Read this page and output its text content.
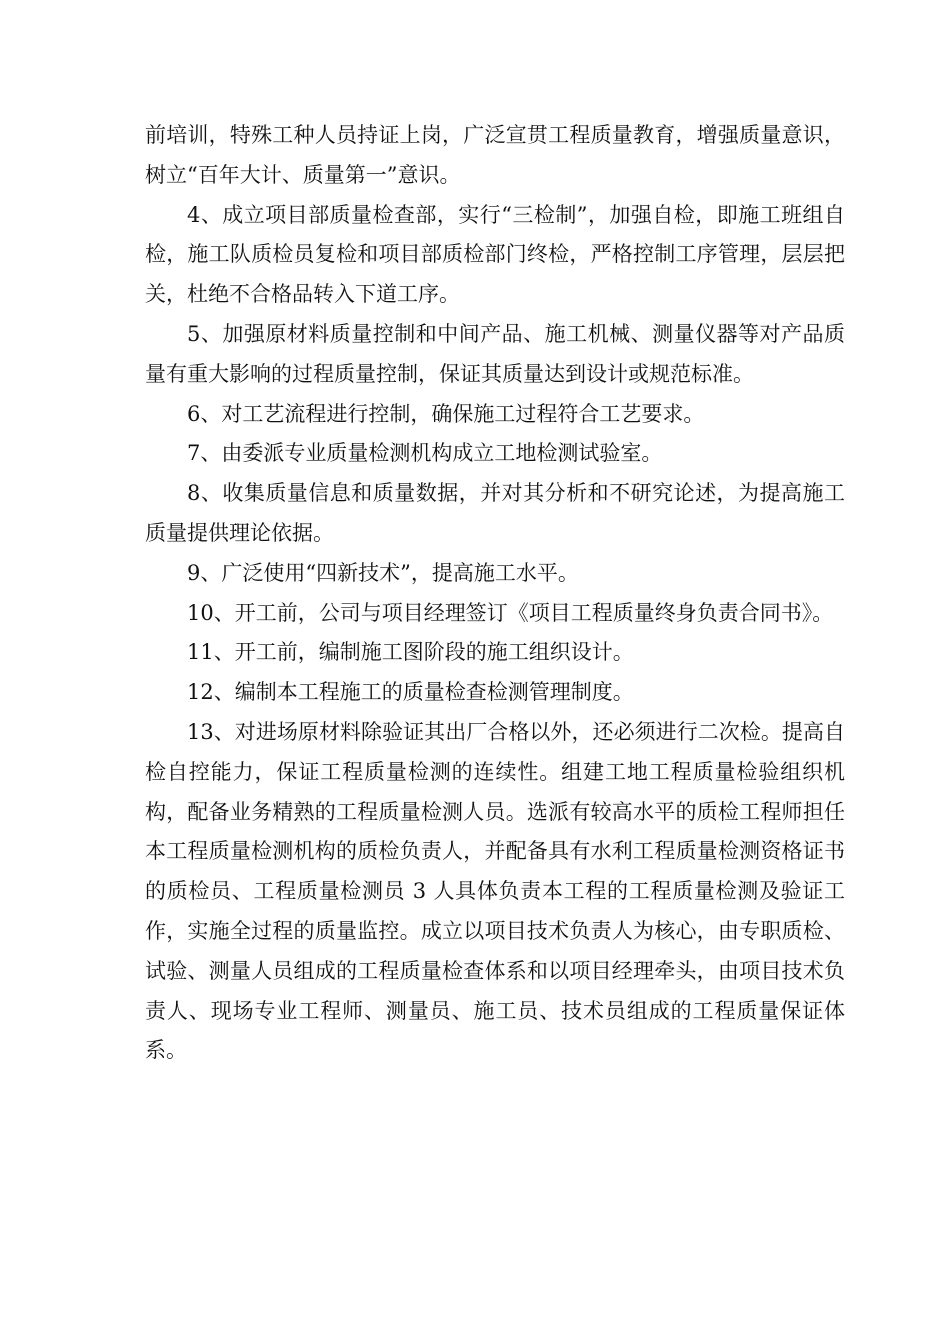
前培训，特殊工种人员持证上岗，广泛宣贯工程质量教育，增强质量意识，树立“百年大计、质量第一”意识。

4、成立项目部质量检查部，实行“三检制”，加强自检，即施工班组自检，施工队质检员复检和项目部质检部门终检，严格控制工序管理，层层把关，杜绝不合格品转入下道工序。

5、加强原材料质量控制和中间产品、施工机械、测量仪器等对产品质量有重大影响的过程质量控制，保证其质量达到设计或规范标准。

6、对工艺流程进行控制，确保施工过程符合工艺要求。

7、由委派专业质量检测机构成立工地检测试验室。

8、收集质量信息和质量数据，并对其分析和不研究论述，为提高施工质量提供理论依据。

9、广泛使用“四新技术”，提高施工水平。

10、开工前，公司与项目经理签订《项目工程质量终身负责合同书》。

11、开工前，编制施工图阶段的施工组织设计。

12、编制本工程施工的质量检查检测管理制度。

13、对进场原材料除验证其出厂合格以外，还必须进行二次检。提高自检自控能力，保证工程质量检测的连续性。组建工地工程质量检验组织机构，配备业务精熟的工程质量检测人员。选派有较高水平的质检工程师担任本工程质量检测机构的质检负责人，并配备具有水利工程质量检测资格证书的质检员、工程质量检测员 3 人具体负责本工程的工程质量检测及验证工作，实施全过程的质量监控。成立以项目技术负责人为核心，由专职质检、试验、测量人员组成的工程质量检查体系和以项目经理牵头，由项目技术负责人、现场专业工程师、测量员、施工员、技术员组成的工程质量保证体系。
